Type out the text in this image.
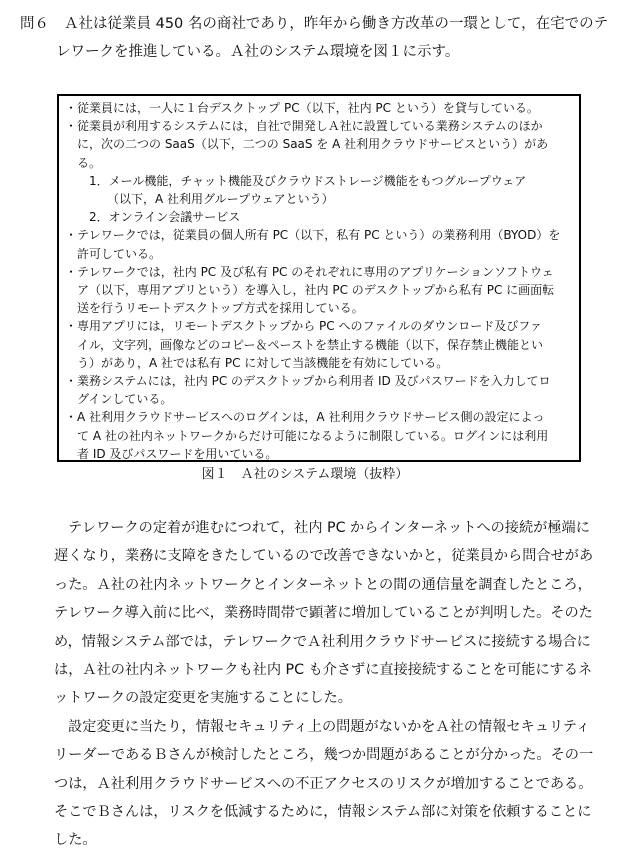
問６ Ａ社は従業員 450 名の商社であり，昨年から働き方改革の一環として，在宅でのテ
レワークを推進している。Ａ社のシステム環境を図１に示す。
・従業員には，一人に１台デスクトップ PC（以下，社内 PC という）を貸与している。
・従業員が利用するシステムには，自社で開発しＡ社に設置している業務システムのほか
に，次の二つの SaaS（以下，二つの SaaS を A 社利用クラウドサービスという）があ
る。
1．メール機能，チャット機能及びクラウドストレージ機能をもつグループウェア
（以下，A 社利用グループウェアという）
2．オンライン会議サービス
・テレワークでは，従業員の個人所有 PC（以下，私有 PC という）の業務利用（BYOD）を
許可している。
・テレワークでは，社内 PC 及び私有 PC のそれぞれに専用のアプリケーションソフトウェ
ア（以下，専用アプリという）を導入し，社内 PC のデスクトップから私有 PC に画面転
送を行うリモートデスクトップ方式を採用している。
・専用アプリには，リモートデスクトップから PC へのファイルのダウンロード及びファ
イル，文字列，画像などのコピー＆ペーストを禁止する機能（以下，保存禁止機能とい
う）があり，A 社では私有 PC に対して当該機能を有効にしている。
・業務システムには，社内 PC のデスクトップから利用者 ID 及びパスワードを入力してロ
グインしている。
・A 社利用クラウドサービスへのログインは，A 社利用クラウドサービス側の設定によっ
て A 社の社内ネットワークからだけ可能になるように制限している。ログインには利用
者 ID 及びパスワードを用いている。
図１　Ａ社のシステム環境（抜粋）
テレワークの定着が進むにつれて，社内 PC からインターネットへの接続が極端に
遅くなり，業務に支障をきたしているので改善できないかと，従業員から問合せがあ
った。Ａ社の社内ネットワークとインターネットとの間の通信量を調査したところ，
テレワーク導入前に比べ，業務時間帯で顕著に増加していることが判明した。そのた
め，情報システム部では，テレワークでＡ社利用クラウドサービスに接続する場合に
は，Ａ社の社内ネットワークも社内 PC も介さずに直接接続することを可能にするネ
ットワークの設定変更を実施することにした。
設定変更に当たり，情報セキュリティ上の問題がないかをＡ社の情報セキュリティ
リーダーであるＢさんが検討したところ，幾つか問題があることが分かった。その一
つは，Ａ社利用クラウドサービスへの不正アクセスのリスクが増加することである。
そこでＢさんは，リスクを低減するために，情報システム部に対策を依頼することに
した。
